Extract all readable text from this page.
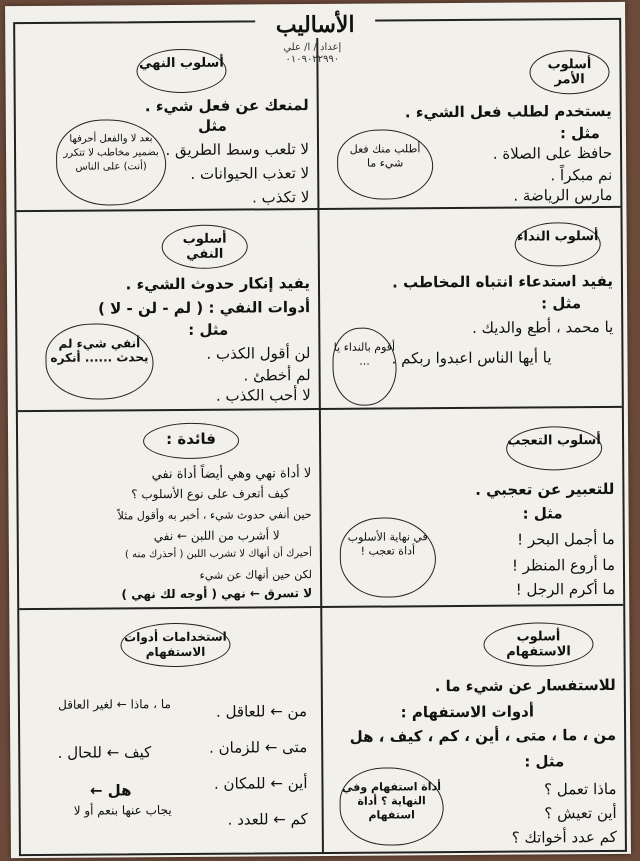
الأساليب
إعداد / ا/ علي
٠١٠٩٠٢٢٩٩٠	أسلوب الأمر
يستخدم لطلب فعل الشيء .
مثل :
حافظ على الصلاة .
نم مبكراً .
مارس الرياضة .
أطلب منك فعل شيء ما
أسلوب النهي
لمنعك عن فعل شيء .
مثل
لا تلعب وسط الطريق .
لا تعذب الحيوانات .
لا تكذب .
بعد لا والفعل أحرفها بضمير مخاطب لا تتكرر (أنت) على الناس
أسلوب النداء
يفيد استدعاء انتباه المخاطب .
مثل :
يا محمد ، أطع والديك .
يا أيها الناس اعبدوا ربكم .
أقوم بالنداء يا ...
أسلوب النفي
يفيد إنكار حدوث الشيء .
أدوات النفي : ( لم - لن - لا )
مثل :
لن أقول الكذب .
لم أخطئ .
لا أحب الكذب .
أنفي شيء لم يحدث ...... أنكره
أسلوب التعجب
للتعبير عن تعجبي .
مثل :
ما أجمل البحر !
ما أروع المنظر !
ما أكرم الرجل !
في نهاية الأسلوب أداة تعجب !
فائدة :
لا أداة نهي وهي أيضاً أداة نفي
كيف أتعرف على نوع الأسلوب ؟
حين أنفي حدوث شيء ، أخبر به وأقول مثلاً
لا أشرب من اللبن ← نفي
أحيرك أن أنهاك لا تشرب اللبن ( أحذرك منه )
لكن حين أنهاك عن شيء
لا تسرق ← نهي ( أوجه لك نهي )
أسلوب الاستفهام
للاستفسار عن شيء ما .
أدوات الاستفهام :
من ، ما ، متى ، أين ، كم ، كيف ، هل
مثل :
ماذا تعمل ؟
أين تعيش ؟
كم عدد أخواتك ؟
أداة استفهام وفي النهاية ؟ أداة استفهام
استخدامات أدوات الاستفهام
من ← للعاقل .
متى ← للزمان .
أين ← للمكان .
كم ← للعدد .
ما ، ماذا ← لغير العاقل
كيف ← للحال .
هل ←
يجاب عنها بنعم أو لا
